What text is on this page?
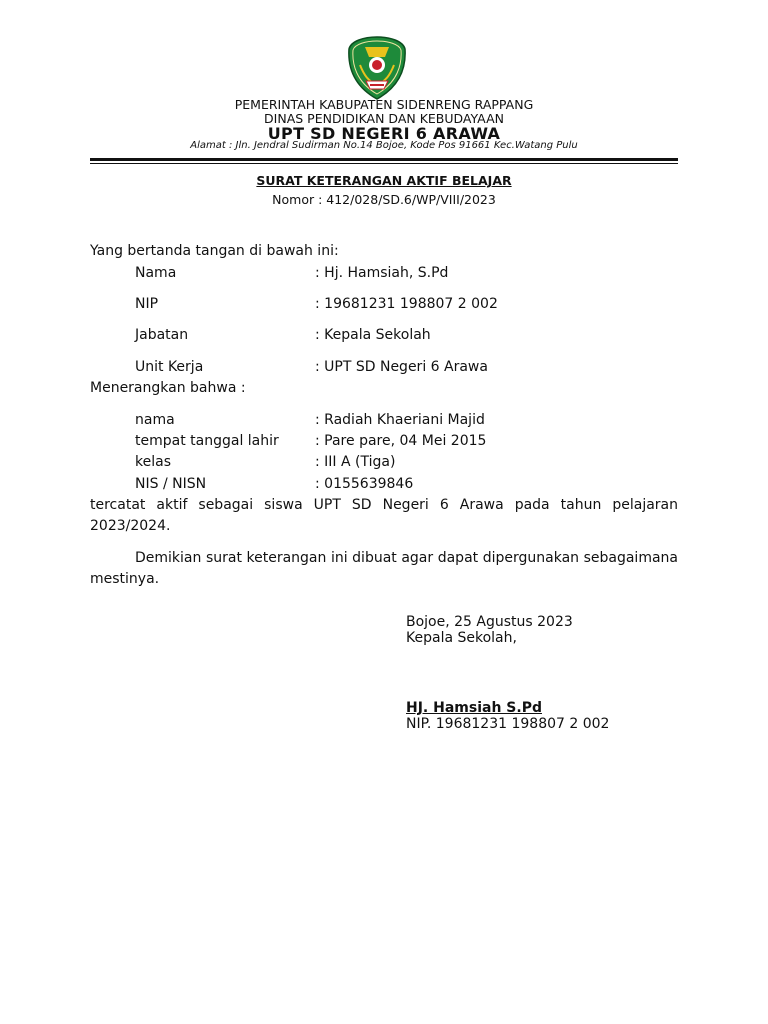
PEMERINTAH KABUPATEN SIDENRENG RAPPANG
DINAS PENDIDIKAN DAN KEBUDAYAAN
UPT SD NEGERI 6 ARAWA
Alamat : Jln. Jendral Sudirman No.14 Bojoe, Kode Pos 91661 Kec.Watang Pulu
SURAT KETERANGAN AKTIF BELAJAR
Nomor : 412/028/SD.6/WP/VIII/2023
Yang bertanda tangan di bawah ini:
Nama	: Hj. Hamsiah, S.Pd
NIP	: 19681231 198807 2 002
Jabatan	: Kepala Sekolah
Unit Kerja	: UPT SD Negeri 6 Arawa
Menerangkan bahwa :
nama	: Radiah Khaeriani Majid
tempat tanggal lahir	: Pare pare, 04 Mei 2015
kelas	: III A (Tiga)
NIS / NISN	: 0155639846
tercatat aktif sebagai siswa UPT SD Negeri 6 Arawa pada tahun pelajaran 2023/2024.
Demikian surat keterangan ini dibuat agar dapat dipergunakan sebagaimana mestinya.
Bojoe, 25 Agustus 2023
Kepala Sekolah,
HJ. Hamsiah S.Pd
NIP. 19681231 198807 2 002
